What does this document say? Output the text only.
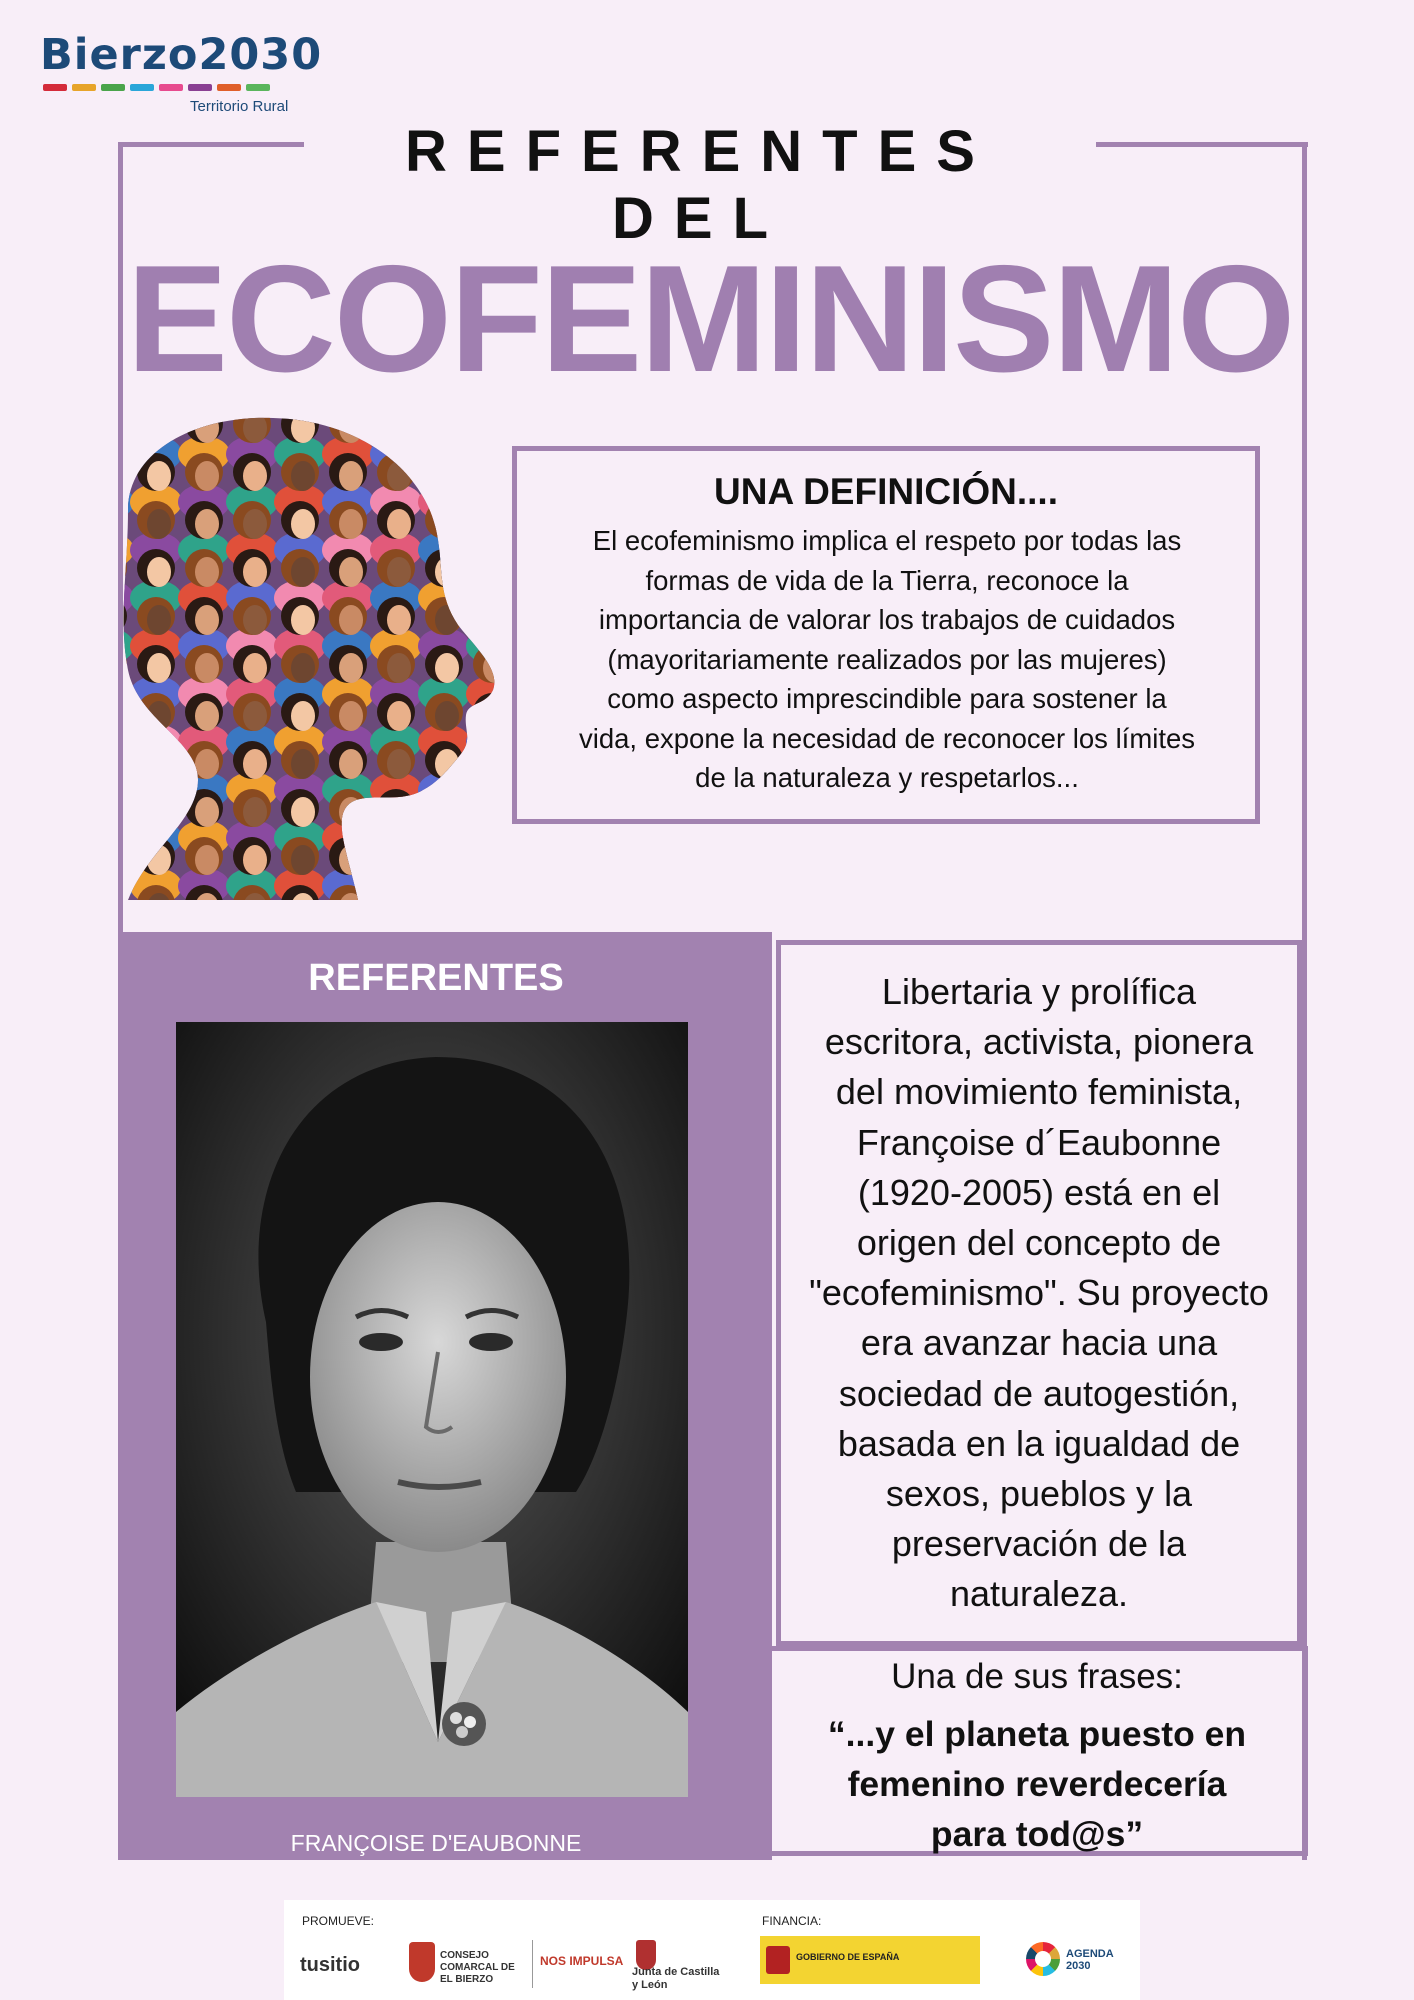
Bierzo2030
Territorio Rural
REFERENTES DEL
ECOFEMINISMO
UNA DEFINICIÓN....
El ecofeminismo implica el respeto por todas las
formas de vida de la Tierra, reconoce la
importancia de valorar los trabajos de cuidados
(mayoritariamente realizados por las mujeres)
como aspecto imprescindible para sostener la
vida, expone la necesidad de reconocer los límites
de la naturaleza y respetarlos...
REFERENTES
FRANÇOISE D'EAUBONNE
Libertaria y prolífica
escritora, activista, pionera
del movimiento feminista,
Françoise d´Eaubonne
(1920-2005) está en el
origen del concepto de
"ecofeminismo". Su proyecto
era avanzar hacia una
sociedad de autogestión,
basada en la igualdad de
sexos, pueblos y la
preservación de la
naturaleza.
Una de sus frases:
“...y el planeta puesto en
femenino reverdecería
para tod@s”
PROMUEVE:	FINANCIA:
tusitio	CONSEJO COMARCAL DE EL BIERZO
NOS IMPULSA
Junta de Castilla y León
GOBIERNO DE ESPAÑA	AGENDA 2030
